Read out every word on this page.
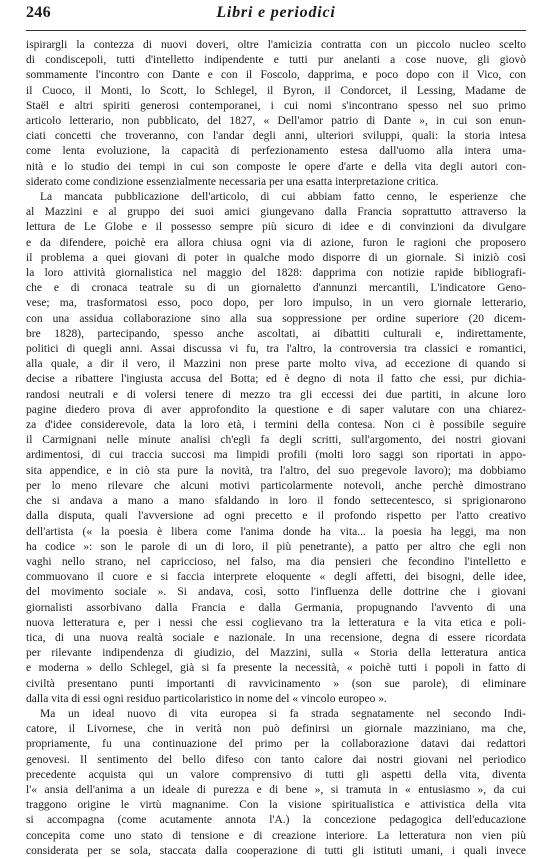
246	Libri e periodici

ispirargli la contezza di nuovi doveri, oltre l'amicizia contratta con un piccolo nucleo scelto
di condiscepoli, tutti d'intelletto indipendente e tutti pur anelanti a cose nuove, gli giovò
sommamente l'incontro con Dante e con il Foscolo, dapprima, e poco dopo con il Vico, con
il Cuoco, il Monti, lo Scott, lo Schlegel, il Byron, il Condorcet, il Lessing, Madame de
Staël e altri spiriti generosi contemporanei, i cui nomi s'incontrano spesso nel suo primo
articolo letterario, non pubblicato, del 1827, « Dell'amor patrio di Dante », in cui son enun-
ciati concetti che troveranno, con l'andar degli anni, ulteriori sviluppi, quali: la storia intesa
come lenta evoluzione, la capacità di perfezionamento estesa dall'uomo alla intera uma-
nità e lo studio dei tempi in cui son composte le opere d'arte e della vita degli autori con-
siderato come condizione essenzialmente necessaria per una esatta interpretazione critica.

La mancata pubblicazione dell'articolo, di cui abbiam fatto cenno, le esperienze che
al Mazzini e al gruppo dei suoi amici giungevano dalla Francia soprattutto attraverso la
lettura de Le Globe e il possesso sempre più sicuro di idee e di convinzioni da divulgare
e da difendere, poichè era allora chiusa ogni via di azione, furon le ragioni che proposero
il problema a quei giovani di poter in qualche modo disporre di un giornale. Si iniziò così
la loro attività giornalistica nel maggio del 1828: dapprima con notizie rapide bibliografi-
che e di cronaca teatrale su di un giornaletto d'annunzi mercantili, L'indicatore Geno-
vese; ma, trasformatosi esso, poco dopo, per loro impulso, in un vero giornale letterario,
con una assidua collaborazione sino alla sua soppressione per ordine superiore (20 dicem-
bre 1828), partecipando, spesso anche ascoltati, ai dibattiti culturali e, indirettamente,
politici di quegli anni. Assai discussa vi fu, tra l'altro, la controversia tra classici e romantici,
alla quale, a dir il vero, il Mazzini non prese parte molto viva, ad eccezione di quando si
decise a ribattere l'ingiusta accusa del Botta; ed è degno di nota il fatto che essi, pur dichia-
randosi neutrali e di volersi tenere di mezzo tra gli eccessi dei due partiti, in alcune loro
pagine diedero prova di aver approfondito la questione e di saper valutare con una chiarez-
za d'idee considerevole, data la loro età, i termini della contesa. Non ci è possibile seguire
il Carmignani nelle minute analisi ch'egli fa degli scritti, sull'argomento, dei nostri giovani
ardimentosi, di cui traccia succosi ma limpidi profili (molti loro saggi son riportati in appo-
sita appendice, e in ciò sta pure la novità, tra l'altro, del suo pregevole lavoro); ma dobbiamo
per lo meno rilevare che alcuni motivi particolarmente notevoli, anche perchè dimostrano
che si andava a mano a mano sfaldando in loro il fondo settecentesco, si sprigionarono
dalla disputa, quali l'avversione ad ogni precetto e il profondo rispetto per l'atto creativo
dell'artista (« la poesia è libera come l'anima donde ha vita... la poesia ha leggi, ma non
ha codice »: son le parole di un di loro, il più penetrante), a patto per altro che egli non
vaghi nello strano, nel capriccioso, nel falso, ma dia pensieri che fecondino l'intelletto e
commuovano il cuore e si faccia interprete eloquente « degli affetti, dei bisogni, delle idee,
del movimento sociale ». Si andava, così, sotto l'influenza delle dottrine che i giovani
giornalisti assorbivano dalla Francia e dalla Germania, propugnando l'avvento di una
nuova letteratura e, per i nessi che essi coglievano tra la letteratura e la vita etica e poli-
tica, di una nuova realtà sociale e nazionale. In una recensione, degna di essere ricordata
per rilevante indipendenza di giudizio, del Mazzini, sulla « Storia della letteratura antica
e moderna » dello Schlegel, già si fa presente la necessità, « poichè tutti i popoli in fatto di
civiltà presentano punti importanti di ravvicinamento » (son sue parole), di eliminare
dalla vita di essi ogni residuo particolaristico in nome del « vincolo europeo ».

Ma un ideal nuovo di vita europea si fa strada segnatamente nel secondo Indi-
catore, il Livornese, che in verità non può definirsi un giornale mazziniano, ma che,
propriamente, fu una continuazione del primo per la collaborazione datavi dai redattori
genovesi. Il sentimento del bello difeso con tanto calore dai nostri giovani nel periodico
precedente acquista qui un valore comprensivo di tutti gli aspetti della vita, diventa
l'« ansia dell'anima a un ideale di purezza e di bene », si tramuta in « entusiasmo », da cui
traggono origine le virtù magnanime. Con la visione spiritualistica e attivistica della vita
si accompagna (come acutamente annota l'A.) la concezione pedagogica dell'educazione
concepita come uno stato di tensione e di creazione interiore. La letteratura non vien più
considerata per se sola, staccata dalla cooperazione di tutti gli istituti umani, i quali invece
